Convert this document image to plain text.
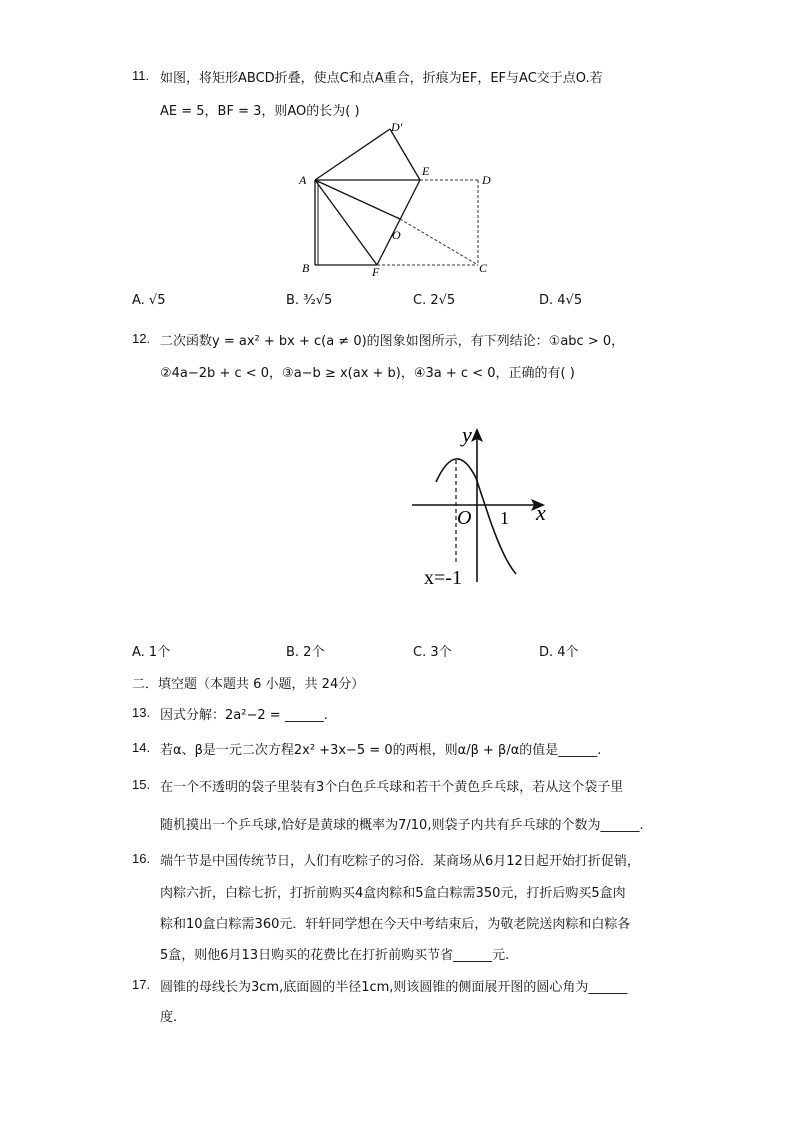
11. 如图，将矩形ABCD折叠，使点C和点A重合，折痕为EF，EF与AC交于点O.若
AE = 5，BF = 3，则AO的长为( )
A
B	C
D
D′
E
F
O
A. √5	B. ³⁄₂√5	C. 2√5	D. 4√5
12. 二次函数y = ax² + bx + c(a ≠ 0)的图象如图所示，有下列结论：①abc > 0，
②4a−2b + c < 0，③a−b ≥ x(ax + b)，④3a + c < 0，正确的有( )
y
x
O 1
x=-1
A. 1个	B. 2个	C. 3个	D. 4个
二．填空题（本题共 6 小题，共 24分）
13. 因式分解：2a²−2 = ______.
14. 若α、β是一元二次方程2x² +3x−5 = 0的两根，则α/β + β/α的值是______.
15. 在一个不透明的袋子里装有3个白色乒乓球和若干个黄色乒乓球，若从这个袋子里
随机摸出一个乒乓球,恰好是黄球的概率为7/10,则袋子内共有乒乓球的个数为______.
16. 端午节是中国传统节日，人们有吃粽子的习俗．某商场从6月12日起开始打折促销，
肉粽六折，白粽七折，打折前购买4盒肉粽和5盒白粽需350元，打折后购买5盒肉
粽和10盒白粽需360元．轩轩同学想在今天中考结束后，为敬老院送肉粽和白粽各
5盒，则他6月13日购买的花费比在打折前购买节省______元.
17. 圆锥的母线长为3cm,底面圆的半径1cm,则该圆锥的侧面展开图的圆心角为______
度.
